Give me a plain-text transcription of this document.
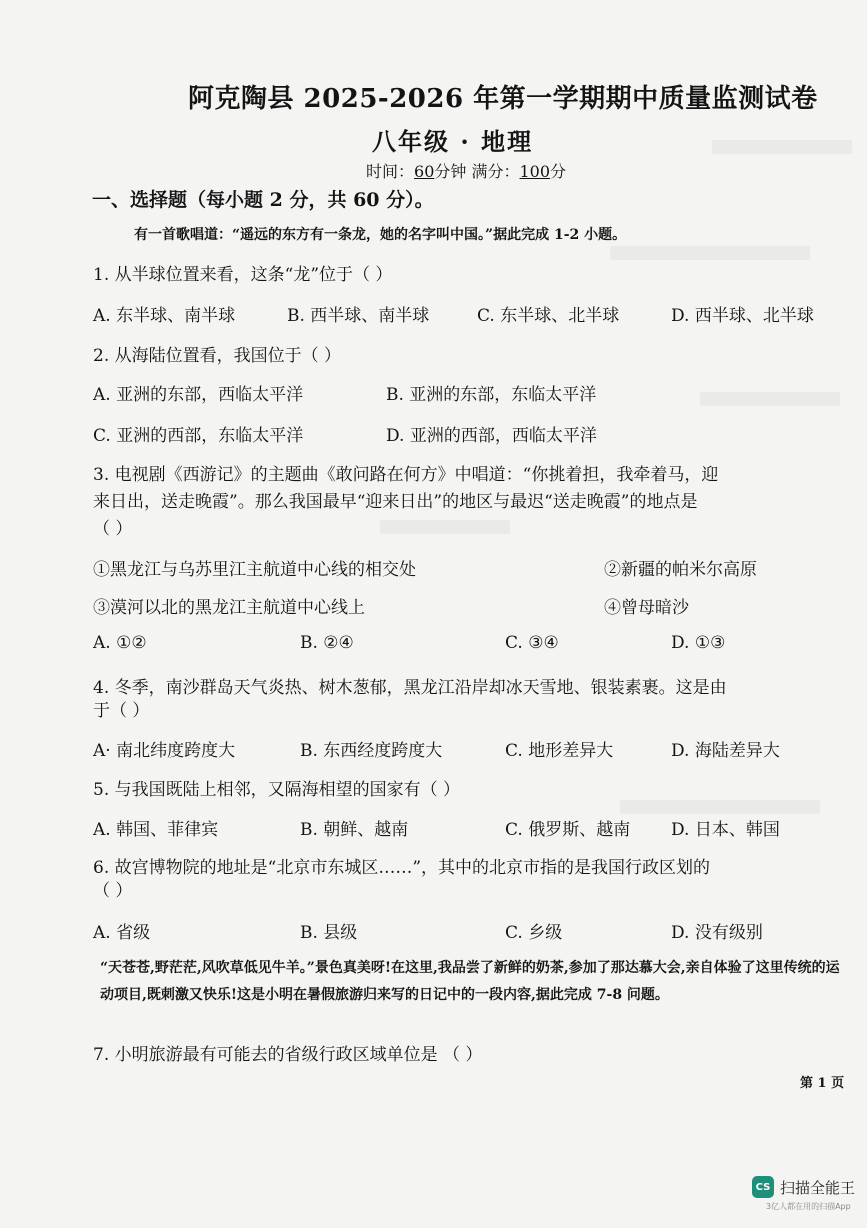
阿克陶县 2025-2026 年第一学期期中质量监测试卷
八年级 · 地理
时间：60分钟 满分：100分
一、选择题（每小题 2 分，共 60 分）。
有一首歌唱道：“遥远的东方有一条龙，她的名字叫中国。”据此完成 1-2 小题。
1. 从半球位置来看，这条“龙”位于（ ）
A. 东半球、南半球	B. 西半球、南半球	C. 东半球、北半球	D. 西半球、北半球
2. 从海陆位置看，我国位于（ ）
A. 亚洲的东部，西临太平洋	B. 亚洲的东部，东临太平洋
C. 亚洲的西部，东临太平洋	D. 亚洲的西部，西临太平洋
3. 电视剧《西游记》的主题曲《敢问路在何方》中唱道：“你挑着担，我牵着马，迎
来日出，送走晚霞”。那么我国最早“迎来日出”的地区与最迟“送走晚霞”的地点是
（ ）
①黑龙江与乌苏里江主航道中心线的相交处	②新疆的帕米尔高原
③漠河以北的黑龙江主航道中心线上	④曾母暗沙
A. ①②	B. ②④	C. ③④	D. ①③
4. 冬季，南沙群岛天气炎热、树木葱郁，黑龙江沿岸却冰天雪地、银装素裹。这是由
于（ ）
A· 南北纬度跨度大	B. 东西经度跨度大	C. 地形差异大	D. 海陆差异大
5. 与我国既陆上相邻，又隔海相望的国家有（ ）
A. 韩国、菲律宾	B. 朝鲜、越南	C. 俄罗斯、越南 D. 日本、韩国
6. 故宫博物院的地址是“北京市东城区……”，其中的北京市指的是我国行政区划的
（ ）
A. 省级	B. 县级	C. 乡级	D. 没有级别
“天苍苍,野茫茫,风吹草低见牛羊。”景色真美呀!在这里,我品尝了新鲜的奶茶,参加了那达慕大会,亲自体验了这里传统的运动项目,既刺激又快乐!这是小明在暑假旅游归来写的日记中的一段内容,据此完成 7-8 问题。
7. 小明旅游最有可能去的省级行政区域单位是 （ ）
第 1 页
CS 扫描全能王
3亿人都在用的扫描App
